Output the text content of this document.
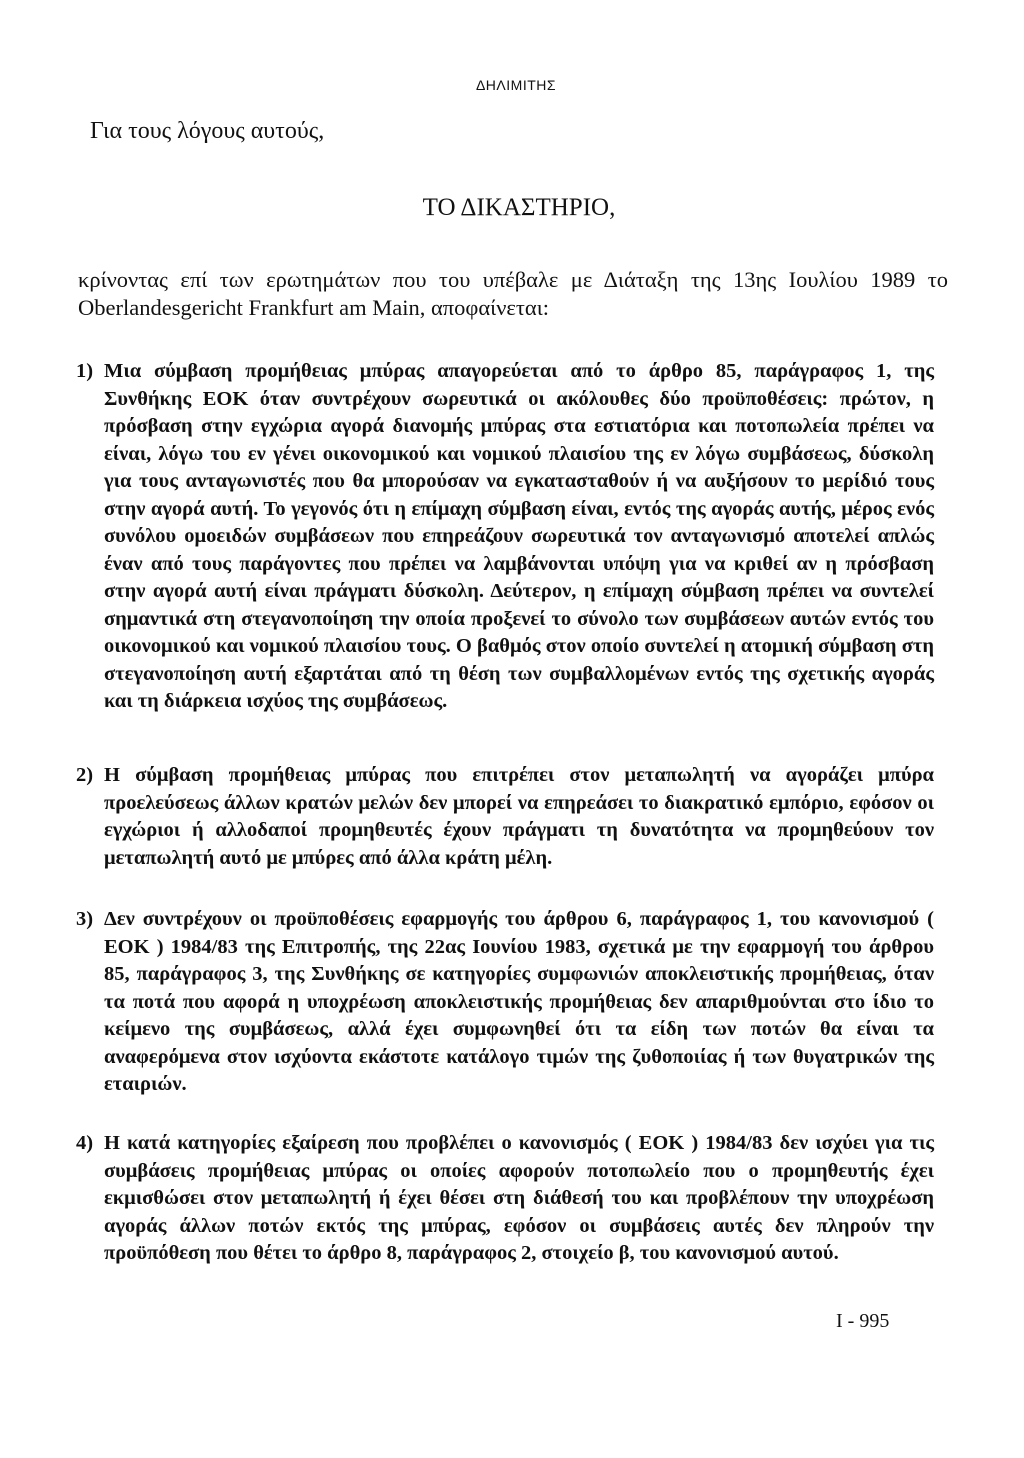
ΔΗΛΙΜΙΤΗΣ
Για τους λόγους αυτούς,
ΤΟ ΔΙΚΑΣΤΗΡΙΟ,
κρίνοντας επί των ερωτημάτων που του υπέβαλε με Διάταξη της 13ης Ιουλίου 1989 το Oberlandesgericht Frankfurt am Main, αποφαίνεται:
1) Μια σύμβαση προμήθειας μπύρας απαγορεύεται από το άρθρο 85, παράγραφος 1, της Συνθήκης ΕΟΚ όταν συντρέχουν σωρευτικά οι ακόλουθες δύο προϋποθέσεις: πρώτον, η πρόσβαση στην εγχώρια αγορά διανομής μπύρας στα εστιατόρια και ποτοπωλεία πρέπει να είναι, λόγω του εν γένει οικονομικού και νομικού πλαισίου της εν λόγω συμβάσεως, δύσκολη για τους ανταγωνιστές που θα μπορούσαν να εγκατασταθούν ή να αυξήσουν το μερίδιό τους στην αγορά αυτή. Το γεγονός ότι η επίμαχη σύμβαση είναι, εντός της αγοράς αυτής, μέρος ενός συνόλου ομοειδών συμβάσεων που επηρεάζουν σωρευτικά τον ανταγωνισμό αποτελεί απλώς έναν από τους παράγοντες που πρέπει να λαμβάνονται υπόψη για να κριθεί αν η πρόσβαση στην αγορά αυτή είναι πράγματι δύσκολη. Δεύτερον, η επίμαχη σύμβαση πρέπει να συντελεί σημαντικά στη στεγανοποίηση την οποία προξενεί το σύνολο των συμβάσεων αυτών εντός του οικονομικού και νομικού πλαισίου τους. Ο βαθμός στον οποίο συντελεί η ατομική σύμβαση στη στεγανοποίηση αυτή εξαρτάται από τη θέση των συμβαλλομένων εντός της σχετικής αγοράς και τη διάρκεια ισχύος της συμβάσεως.
2) Η σύμβαση προμήθειας μπύρας που επιτρέπει στον μεταπωλητή να αγοράζει μπύρα προελεύσεως άλλων κρατών μελών δεν μπορεί να επηρεάσει το διακρατικό εμπόριο, εφόσον οι εγχώριοι ή αλλοδαποί προμηθευτές έχουν πράγματι τη δυνατότητα να προμηθεύουν τον μεταπωλητή αυτό με μπύρες από άλλα κράτη μέλη.
3) Δεν συντρέχουν οι προϋποθέσεις εφαρμογής του άρθρου 6, παράγραφος 1, του κανονισμού ( ΕΟΚ ) 1984/83 της Επιτροπής, της 22ας Ιουνίου 1983, σχετικά με την εφαρμογή του άρθρου 85, παράγραφος 3, της Συνθήκης σε κατηγορίες συμφωνιών αποκλειστικής προμήθειας, όταν τα ποτά που αφορά η υποχρέωση αποκλειστικής προμήθειας δεν απαριθμούνται στο ίδιο το κείμενο της συμβάσεως, αλλά έχει συμφωνηθεί ότι τα είδη των ποτών θα είναι τα αναφερόμενα στον ισχύοντα εκάστοτε κατάλογο τιμών της ζυθοποιίας ή των θυγατρικών της εταιριών.
4) Η κατά κατηγορίες εξαίρεση που προβλέπει ο κανονισμός ( ΕΟΚ ) 1984/83 δεν ισχύει για τις συμβάσεις προμήθειας μπύρας οι οποίες αφορούν ποτοπωλείο που ο προμηθευτής έχει εκμισθώσει στον μεταπωλητή ή έχει θέσει στη διάθεσή του και προβλέπουν την υποχρέωση αγοράς άλλων ποτών εκτός της μπύρας, εφόσον οι συμβάσεις αυτές δεν πληρούν την προϋπόθεση που θέτει το άρθρο 8, παράγραφος 2, στοιχείο β, του κανονισμού αυτού.
I - 995
